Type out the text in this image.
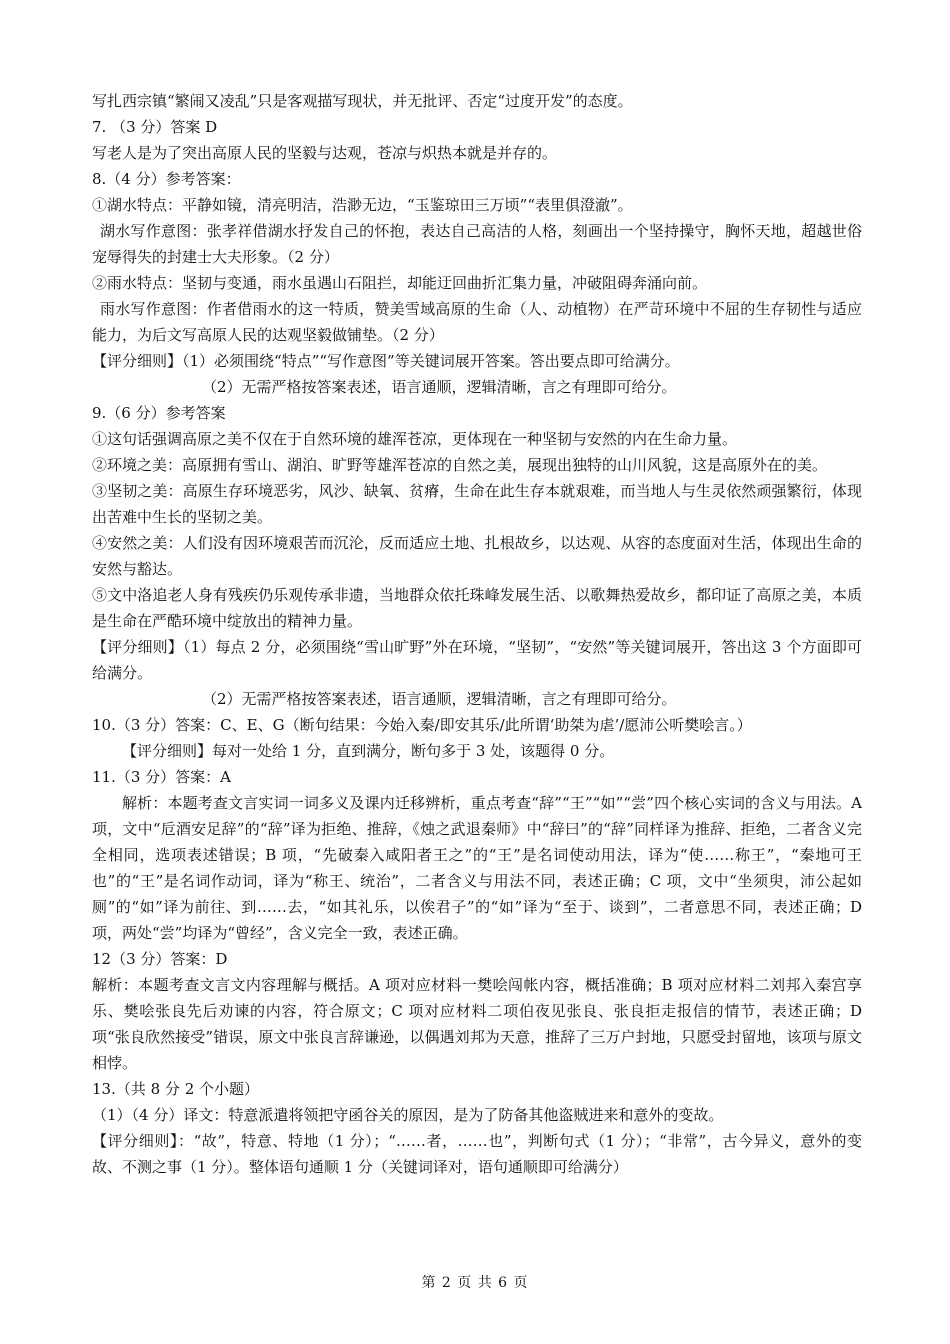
写扎西宗镇“繁闹又凌乱”只是客观描写现状，并无批评、否定“过度开发”的态度。

7. （3 分）答案 D

写老人是为了突出高原人民的坚毅与达观，苍凉与炽热本就是并存的。

8.（4 分）参考答案：

①湖水特点：平静如镜，清亮明洁，浩渺无边，“玉鉴琼田三万顷”“表里俱澄澈”。

湖水写作意图：张孝祥借湖水抒发自己的怀抱，表达自己高洁的人格，刻画出一个坚持操守，胸怀天地，超越世俗宠辱得失的封建士大夫形象。（2 分）

②雨水特点：坚韧与变通，雨水虽遇山石阻拦，却能迂回曲折汇集力量，冲破阻碍奔涌向前。

雨水写作意图：作者借雨水的这一特质，赞美雪域高原的生命（人、动植物）在严苛环境中不屈的生存韧性与适应能力，为后文写高原人民的达观坚毅做铺垫。（2 分）

【评分细则】（1）必须围绕“特点”“写作意图”等关键词展开答案。答出要点即可给满分。

（2）无需严格按答案表述，语言通顺，逻辑清晰，言之有理即可给分。

9.（6 分）参考答案

①这句话强调高原之美不仅在于自然环境的雄浑苍凉，更体现在一种坚韧与安然的内在生命力量。

②环境之美：高原拥有雪山、湖泊、旷野等雄浑苍凉的自然之美，展现出独特的山川风貌，这是高原外在的美。

③坚韧之美：高原生存环境恶劣，风沙、缺氧、贫瘠，生命在此生存本就艰难，而当地人与生灵依然顽强繁衍，体现出苦难中生长的坚韧之美。

④安然之美：人们没有因环境艰苦而沉沦，反而适应土地、扎根故乡，以达观、从容的态度面对生活，体现出生命的安然与豁达。

⑤文中洛追老人身有残疾仍乐观传承非遗，当地群众依托珠峰发展生活、以歌舞热爱故乡，都印证了高原之美，本质是生命在严酷环境中绽放出的精神力量。

【评分细则】（1）每点 2 分，必须围绕“雪山旷野”外在环境，“坚韧”，“安然”等关键词展开，答出这 3 个方面即可给满分。

（2）无需严格按答案表述，语言通顺，逻辑清晰，言之有理即可给分。

10.（3 分）答案：C、E、G（断句结果：今始入秦/即安其乐/此所谓‘助桀为虐’/愿沛公听樊哙言。）

【评分细则】每对一处给 1 分，直到满分，断句多于 3 处，该题得 0 分。

11.（3 分）答案：A

解析：本题考查文言实词一词多义及课内迁移辨析，重点考查“辞”“王”“如”“尝”四个核心实词的含义与用法。A 项，文中“卮酒安足辞”的“辞”译为拒绝、推辞，《烛之武退秦师》中“辞曰”的“辞”同样译为推辞、拒绝，二者含义完全相同，选项表述错误；B 项，“先破秦入咸阳者王之”的“王”是名词使动用法，译为“使……称王”，“秦地可王也”的“王”是名词作动词，译为“称王、统治”，二者含义与用法不同，表述正确；C 项，文中“坐须臾，沛公起如厕”的“如”译为前往、到……去，“如其礼乐，以俟君子”的“如”译为“至于、谈到”，二者意思不同，表述正确；D 项，两处“尝”均译为“曾经”，含义完全一致，表述正确。

12（3 分）答案：D

解析：本题考查文言文内容理解与概括。A 项对应材料一樊哙闯帐内容，概括准确；B 项对应材料二刘邦入秦宫享乐、樊哙张良先后劝谏的内容，符合原文；C 项对应材料二项伯夜见张良、张良拒走报信的情节，表述正确；D 项“张良欣然接受”错误，原文中张良言辞谦逊，以偶遇刘邦为天意，推辞了三万户封地，只愿受封留地，该项与原文相悖。

13.（共 8 分 2 个小题）

（1）（4 分）译文：特意派遣将领把守函谷关的原因，是为了防备其他盗贼进来和意外的变故。

【评分细则】：“故”，特意、特地（1 分）；“……者，……也”，判断句式（1 分）；“非常”，古今异义，意外的变故、不测之事（1 分）。整体语句通顺 1 分（关键词译对，语句通顺即可给满分）

第 2 页 共 6 页
